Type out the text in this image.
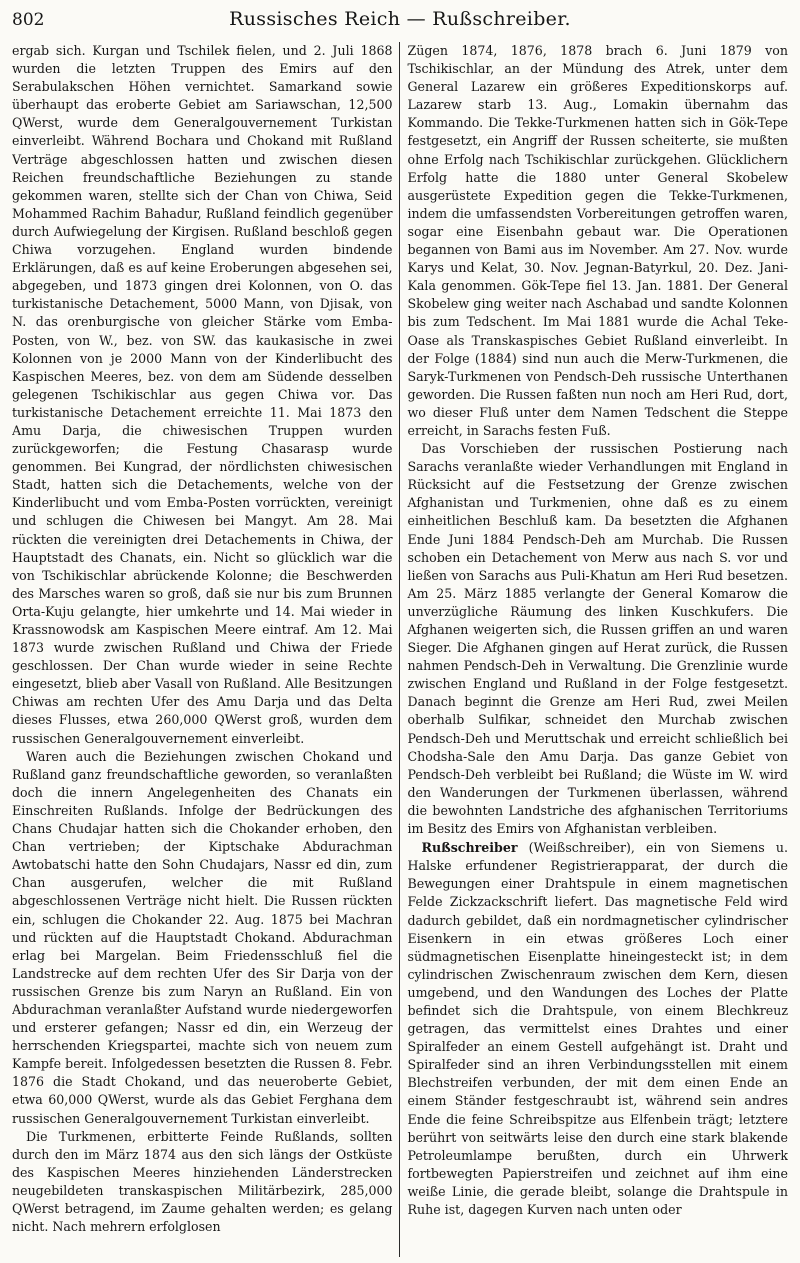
802	Russisches Reich — Rußschreiber.

ergab sich. Kurgan und Tschilek fielen, und 2. Juli 1868 wurden die letzten Truppen des Emirs auf den Serabulakschen Höhen vernichtet. Samarkand sowie überhaupt das eroberte Gebiet am Sariawschan, 12,500 QWerst, wurde dem Generalgouvernement Turkistan einverleibt. Während Bochara und Chokand mit Rußland Verträge abgeschlossen hatten und zwischen diesen Reichen freundschaftliche Beziehungen zu stande gekommen waren, stellte sich der Chan von Chiwa, Seid Mohammed Rachim Bahadur, Rußland feindlich gegenüber durch Aufwiegelung der Kirgisen. Rußland beschloß gegen Chiwa vorzugehen. England wurden bindende Erklärungen, daß es auf keine Eroberungen abgesehen sei, abgegeben, und 1873 gingen drei Kolonnen, von O. das turkistanische Detachement, 5000 Mann, von Djisak, von N. das orenburgische von gleicher Stärke vom Emba-Posten, von W., bez. von SW. das kaukasische in zwei Kolonnen von je 2000 Mann von der Kinderlibucht des Kaspischen Meeres, bez. von dem am Südende desselben gelegenen Tschikischlar aus gegen Chiwa vor. Das turkistanische Detachement erreichte 11. Mai 1873 den Amu Darja, die chiwesischen Truppen wurden zurückgeworfen; die Festung Chasarasp wurde genommen. Bei Kungrad, der nördlichsten chiwesischen Stadt, hatten sich die Detachements, welche von der Kinderlibucht und vom Emba-Posten vorrückten, vereinigt und schlugen die Chiwesen bei Mangyt. Am 28. Mai rückten die vereinigten drei Detachements in Chiwa, der Hauptstadt des Chanats, ein. Nicht so glücklich war die von Tschikischlar abrückende Kolonne; die Beschwerden des Marsches waren so groß, daß sie nur bis zum Brunnen Orta-Kuju gelangte, hier umkehrte und 14. Mai wieder in Krassnowodsk am Kaspischen Meere eintraf. Am 12. Mai 1873 wurde zwischen Rußland und Chiwa der Friede geschlossen. Der Chan wurde wieder in seine Rechte eingesetzt, blieb aber Vasall von Rußland. Alle Besitzungen Chiwas am rechten Ufer des Amu Darja und das Delta dieses Flusses, etwa 260,000 QWerst groß, wurden dem russischen Generalgouvernement einverleibt.

Waren auch die Beziehungen zwischen Chokand und Rußland ganz freundschaftliche geworden, so veranlaßten doch die innern Angelegenheiten des Chanats ein Einschreiten Rußlands. Infolge der Bedrückungen des Chans Chudajar hatten sich die Chokander erhoben, den Chan vertrieben; der Kiptschake Abdurachman Awtobatschi hatte den Sohn Chudajars, Nassr ed din, zum Chan ausgerufen, welcher die mit Rußland abgeschlossenen Verträge nicht hielt. Die Russen rückten ein, schlugen die Chokander 22. Aug. 1875 bei Machran und rückten auf die Hauptstadt Chokand. Abdurachman erlag bei Margelan. Beim Friedensschluß fiel die Landstrecke auf dem rechten Ufer des Sir Darja von der russischen Grenze bis zum Naryn an Rußland. Ein von Abdurachman veranlaßter Aufstand wurde niedergeworfen und ersterer gefangen; Nassr ed din, ein Werzeug der herrschenden Kriegspartei, machte sich von neuem zum Kampfe bereit. Infolgedessen besetzten die Russen 8. Febr. 1876 die Stadt Chokand, und das neueroberte Gebiet, etwa 60,000 QWerst, wurde als das Gebiet Ferghana dem russischen Generalgouvernement Turkistan einverleibt.

Die Turkmenen, erbitterte Feinde Rußlands, sollten durch den im März 1874 aus den sich längs der Ostküste des Kaspischen Meeres hinziehenden Länderstrecken neugebildeten transkaspischen Militärbezirk, 285,000 QWerst betragend, im Zaume gehalten werden; es gelang nicht. Nach mehrern erfolglosen

Zügen 1874, 1876, 1878 brach 6. Juni 1879 von Tschikischlar, an der Mündung des Atrek, unter dem General Lazarew ein größeres Expeditionskorps auf. Lazarew starb 13. Aug., Lomakin übernahm das Kommando. Die Tekke-Turkmenen hatten sich in Gök-Tepe festgesetzt, ein Angriff der Russen scheiterte, sie mußten ohne Erfolg nach Tschikischlar zurückgehen. Glücklichern Erfolg hatte die 1880 unter General Skobelew ausgerüstete Expedition gegen die Tekke-Turkmenen, indem die umfassendsten Vorbereitungen getroffen waren, sogar eine Eisenbahn gebaut war. Die Operationen begannen von Bami aus im November. Am 27. Nov. wurde Karys und Kelat, 30. Nov. Jegnan-Batyrkul, 20. Dez. Jani-Kala genommen. Gök-Tepe fiel 13. Jan. 1881. Der General Skobelew ging weiter nach Aschabad und sandte Kolonnen bis zum Tedschent. Im Mai 1881 wurde die Achal Teke-Oase als Transkaspisches Gebiet Rußland einverleibt. In der Folge (1884) sind nun auch die Merw-Turkmenen, die Saryk-Turkmenen von Pendsch-Deh russische Unterthanen geworden. Die Russen faßten nun noch am Heri Rud, dort, wo dieser Fluß unter dem Namen Tedschent die Steppe erreicht, in Sarachs festen Fuß.

Das Vorschieben der russischen Postierung nach Sarachs veranlaßte wieder Verhandlungen mit England in Rücksicht auf die Festsetzung der Grenze zwischen Afghanistan und Turkmenien, ohne daß es zu einem einheitlichen Beschluß kam. Da besetzten die Afghanen Ende Juni 1884 Pendsch-Deh am Murchab. Die Russen schoben ein Detachement von Merw aus nach S. vor und ließen von Sarachs aus Puli-Khatun am Heri Rud besetzen. Am 25. März 1885 verlangte der General Komarow die unverzügliche Räumung des linken Kuschkufers. Die Afghanen weigerten sich, die Russen griffen an und waren Sieger. Die Afghanen gingen auf Herat zurück, die Russen nahmen Pendsch-Deh in Verwaltung. Die Grenzlinie wurde zwischen England und Rußland in der Folge festgesetzt. Danach beginnt die Grenze am Heri Rud, zwei Meilen oberhalb Sulfikar, schneidet den Murchab zwischen Pendsch-Deh und Meruttschak und erreicht schließlich bei Chodsha-Sale den Amu Darja. Das ganze Gebiet von Pendsch-Deh verbleibt bei Rußland; die Wüste im W. wird den Wanderungen der Turkmenen überlassen, während die bewohnten Landstriche des afghanischen Territoriums im Besitz des Emirs von Afghanistan verbleiben.

Rußschreiber (Weißschreiber), ein von Siemens u. Halske erfundener Registrierapparat, der durch die Bewegungen einer Drahtspule in einem magnetischen Felde Zickzackschrift liefert. Das magnetische Feld wird dadurch gebildet, daß ein nordmagnetischer cylindrischer Eisenkern in ein etwas größeres Loch einer südmagnetischen Eisenplatte hineingesteckt ist; in dem cylindrischen Zwischenraum zwischen dem Kern, diesen umgebend, und den Wandungen des Loches der Platte befindet sich die Drahtspule, von einem Blechkreuz getragen, das vermittelst eines Drahtes und einer Spiralfeder an einem Gestell aufgehängt ist. Draht und Spiralfeder sind an ihren Verbindungsstellen mit einem Blechstreifen verbunden, der mit dem einen Ende an einem Ständer festgeschraubt ist, während sein andres Ende die feine Schreibspitze aus Elfenbein trägt; letztere berührt von seitwärts leise den durch eine stark blakende Petroleumlampe berußten, durch ein Uhrwerk fortbewegten Papierstreifen und zeichnet auf ihm eine weiße Linie, die gerade bleibt, solange die Drahtspule in Ruhe ist, dagegen Kurven nach unten oder
